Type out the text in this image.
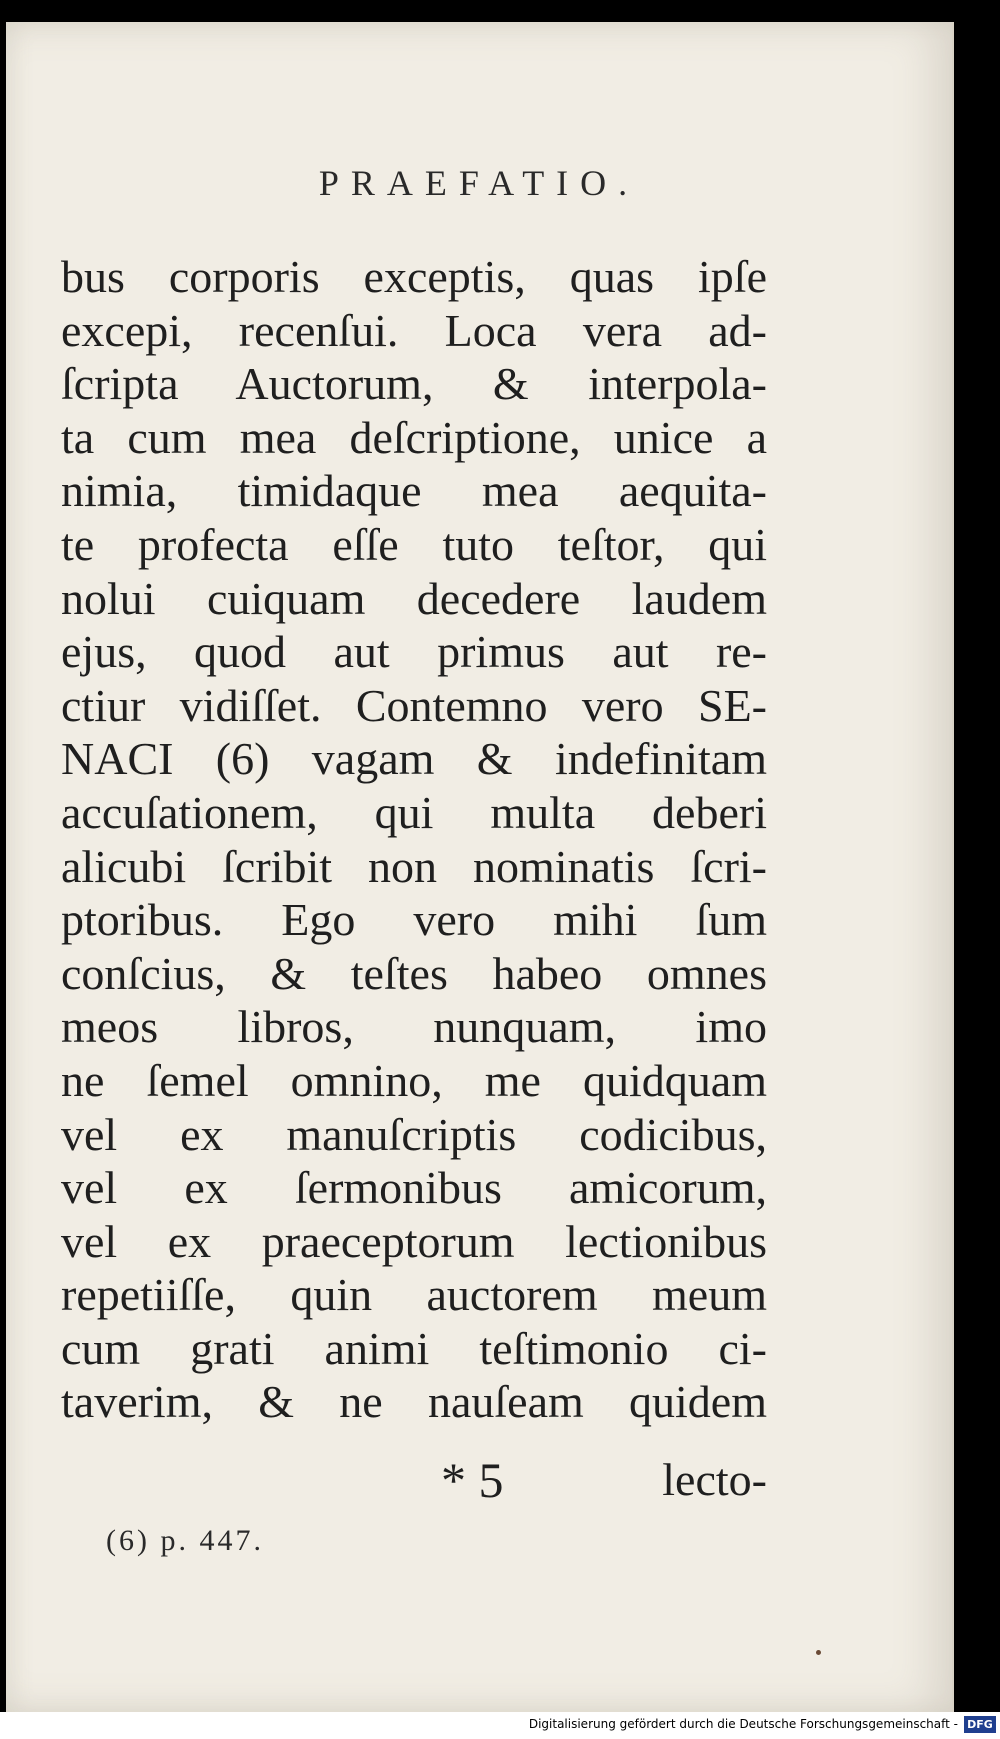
PRAEFATIO.
bus corporis exceptis, quas ipſe
excepi, recenſui. Loca vera ad-
ſcripta Auctorum, & interpola-
ta cum mea deſcriptione, unice a
nimia, timidaque mea aequita-
te profecta eſſe tuto teſtor, qui
nolui cuiquam decedere laudem
ejus, quod aut primus aut re-
ctiur vidiſſet. Contemno vero SE-
NACI (6) vagam & indefinitam
accuſationem, qui multa deberi
alicubi ſcribit non nominatis ſcri-
ptoribus. Ego vero mihi ſum
conſcius, & teſtes habeo omnes
meos libros, nunquam, imo
ne ſemel omnino, me quidquam
vel ex manuſcriptis codicibus,
vel ex ſermonibus amicorum,
vel ex praeceptorum lectionibus
repetiiſſe, quin auctorem meum
cum grati animi teſtimonio ci-
taverim, & ne nauſeam quidem
* 5	lecto-
(6) p. 447.
Digitalisierung gefördert durch die Deutsche Forschungsgemeinschaft - DFG
